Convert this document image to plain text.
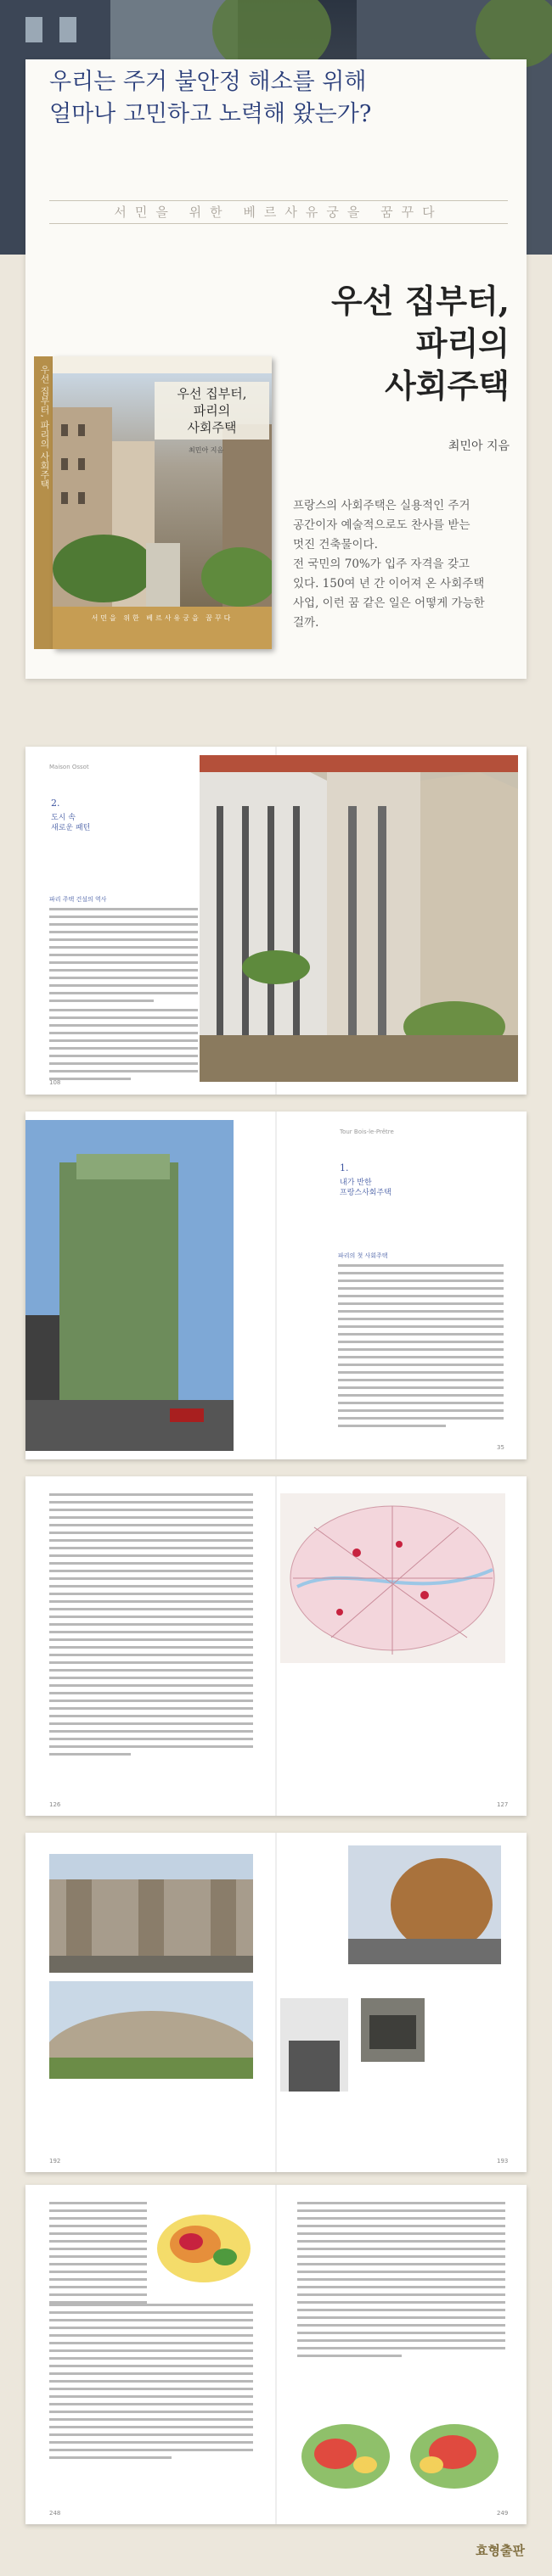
우리는 주거 불안정 해소를 위해
얼마나 고민하고 노력해 왔는가?
서민을 위한 베르사유궁을 꿈꾸다
우선 집부터, 파리의 사회주택	우선 집부터,
파리의
사회주택
최민아 지음
서민을 위한 베르사유궁을 꿈꾸다
우선 집부터,
파리의
사회주택
최민아 지음
프랑스의 사회주택은 실용적인 주거
공간이자 예술적으로도 찬사를 받는
멋진 건축물이다.
전 국민의 70%가 입주 자격을 갖고
있다. 150여 년 간 이어져 온 사회주택
사업, 이런 꿈 같은 일은 어떻게 가능한
걸까.
Maison Ossot
2.
도시 속
새로운 패턴
파리 주택 건설의 역사
108
Tour Bois-le-Prêtre
1.
내가 반한
프랑스사회주택
파리의 첫 사회주택
35
126	127
192	193
248	249
효형출판
